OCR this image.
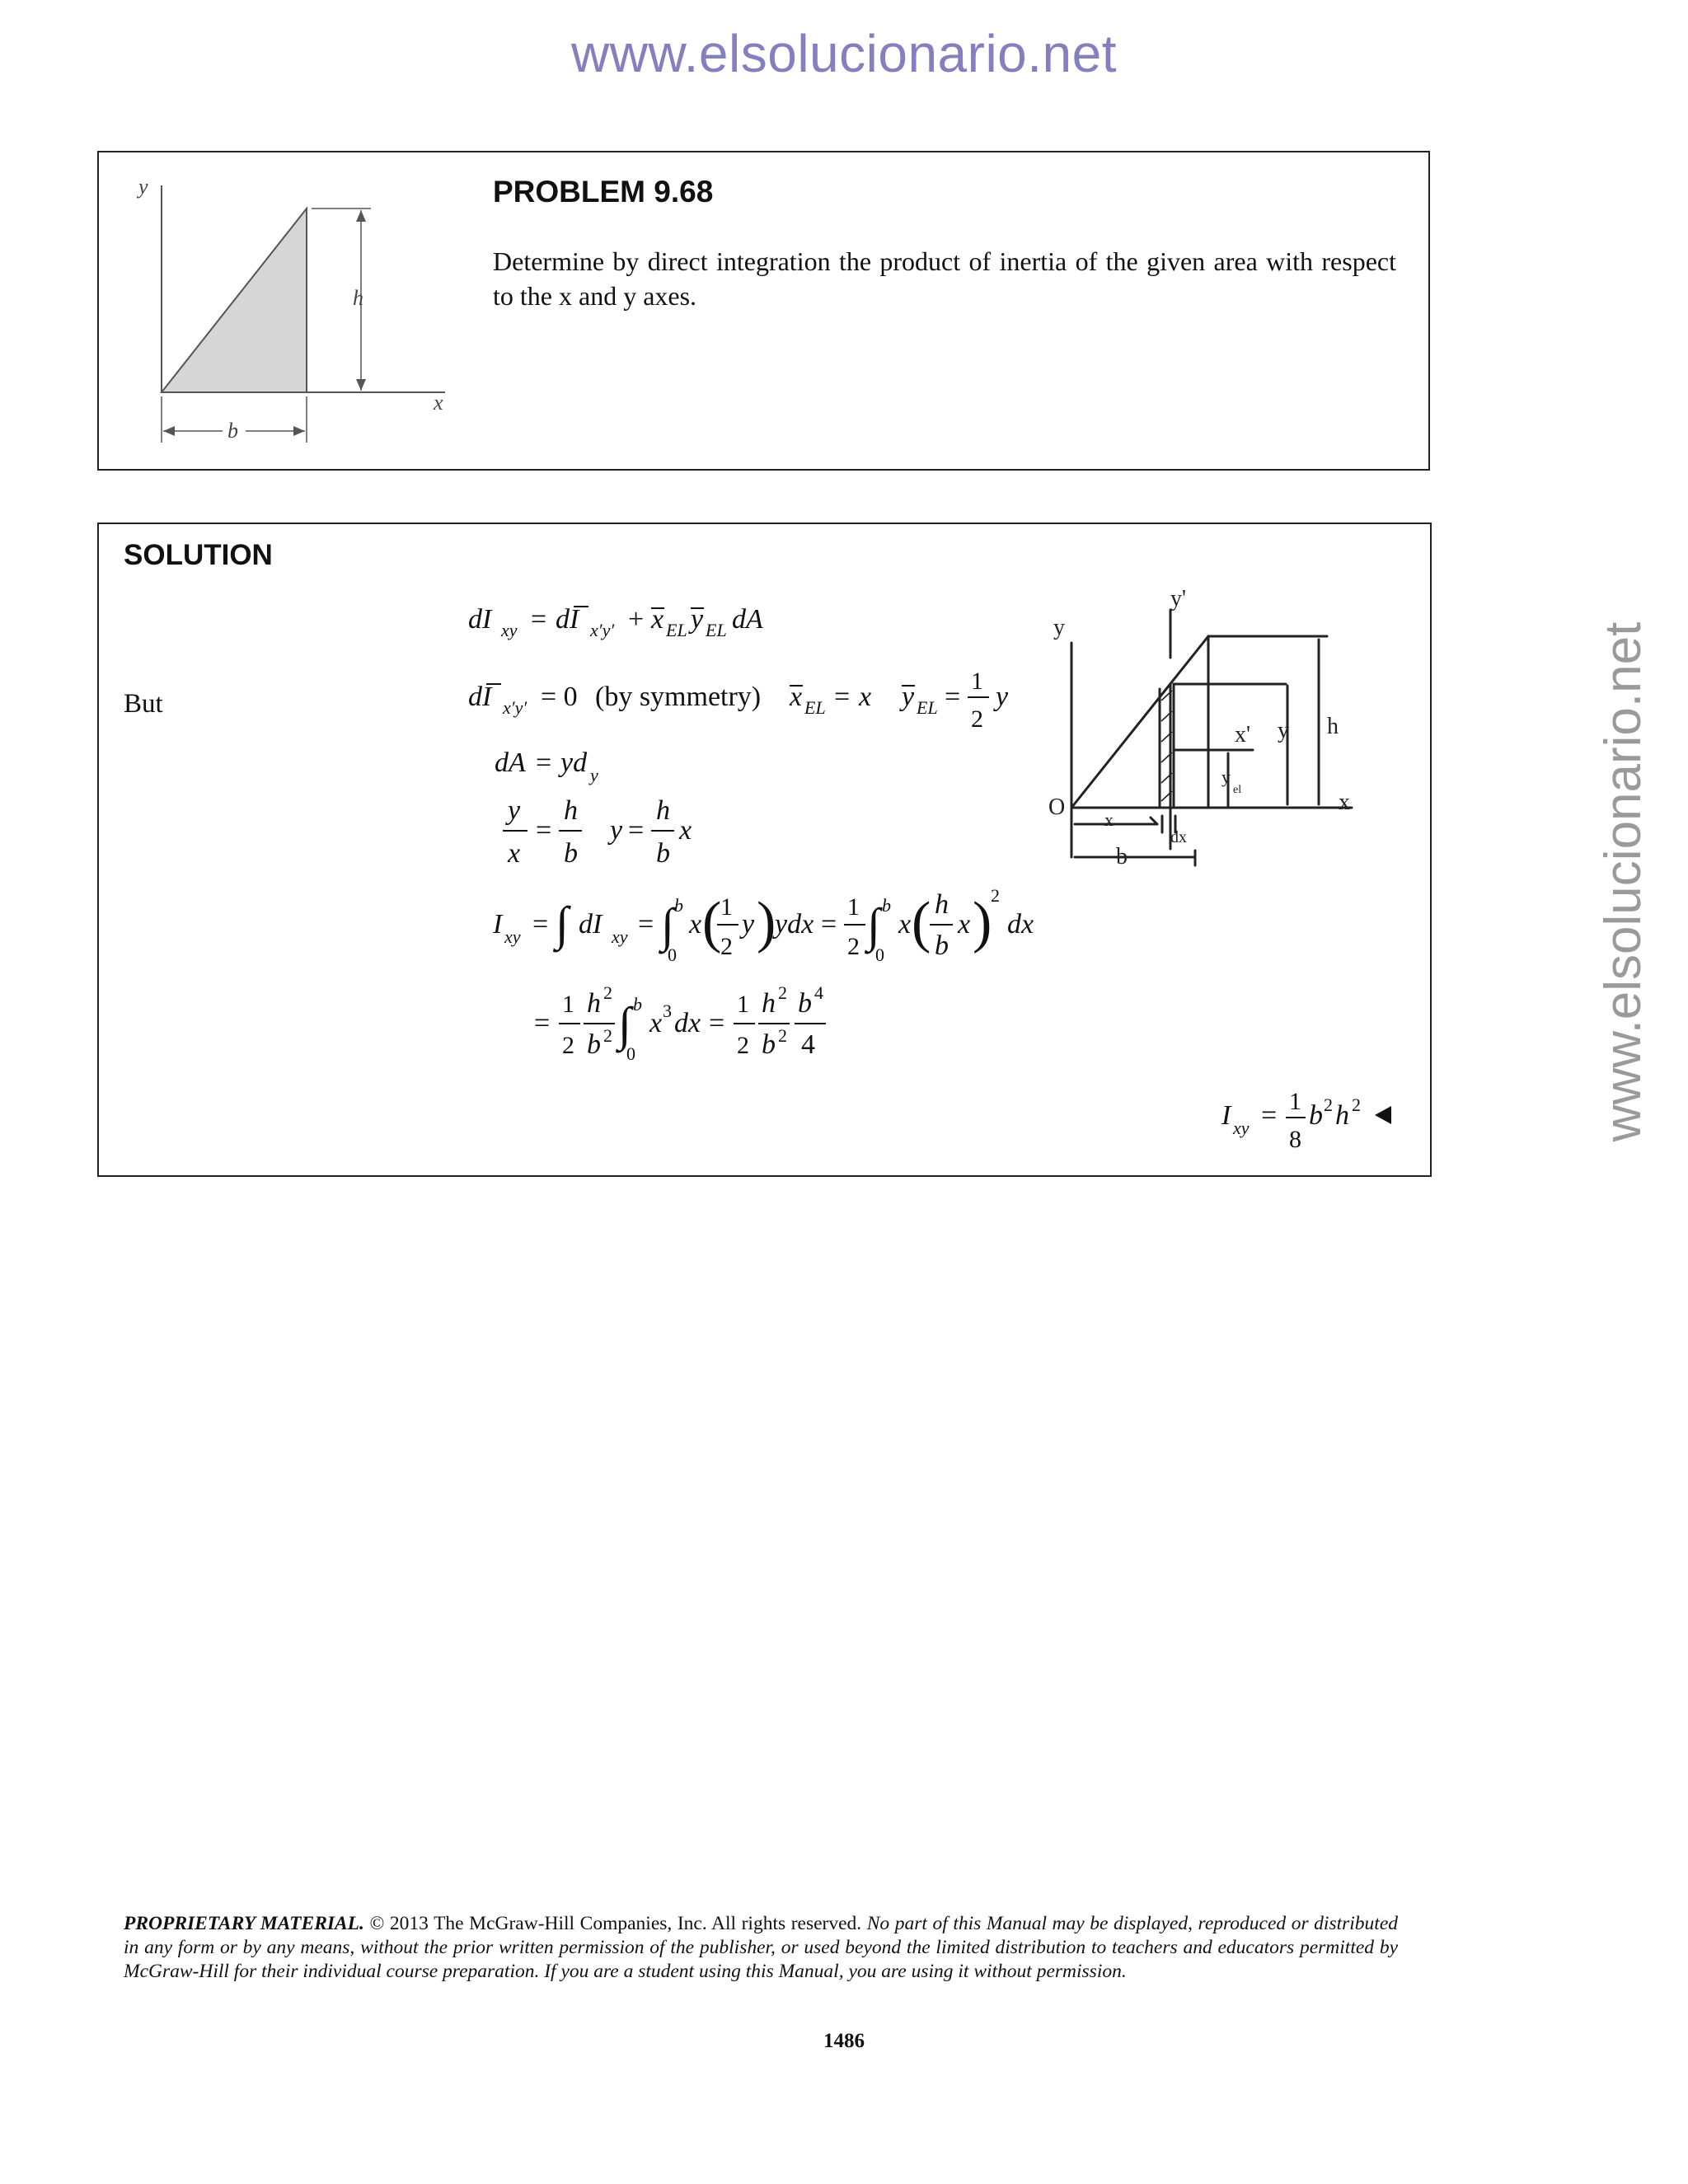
www.elsolucionario.net
www.elsolucionario.net
y
h
x
b
PROBLEM 9.68
Determine by direct integration the product of inertia of the given area with respect to the x and y axes.
SOLUTION
dI xy = dI x′y′ + x EL y EL dA
But	dI x′y′ = 0 (by symmetry) x EL = x y EL =
1
2
y
dA = yd y
y
x
=
h
b
y =
h
b
x
I xy = ∫ dI xy = ∫ b
0
x (
1
2
y )
ydx =
1
2 ∫ b
0
x ( h
b
x )
2
dx
=
1
2
h 2
b 2 ∫ b
0
x 3 dx =
1
2
h 2
b 2
b 4
4
I xy = 1
8
b 2 h 2
y'
y
x' y h
y
el
O	x
x
dx
b
PROPRIETARY MATERIAL. © 2013 The McGraw-Hill Companies, Inc. All rights reserved. No part of this Manual may be displayed, reproduced or distributed in any form or by any means, without the prior written permission of the publisher, or used beyond the limited distribution to teachers and educators permitted by McGraw-Hill for their individual course preparation. If you are a student using this Manual, you are using it without permission.
1486
